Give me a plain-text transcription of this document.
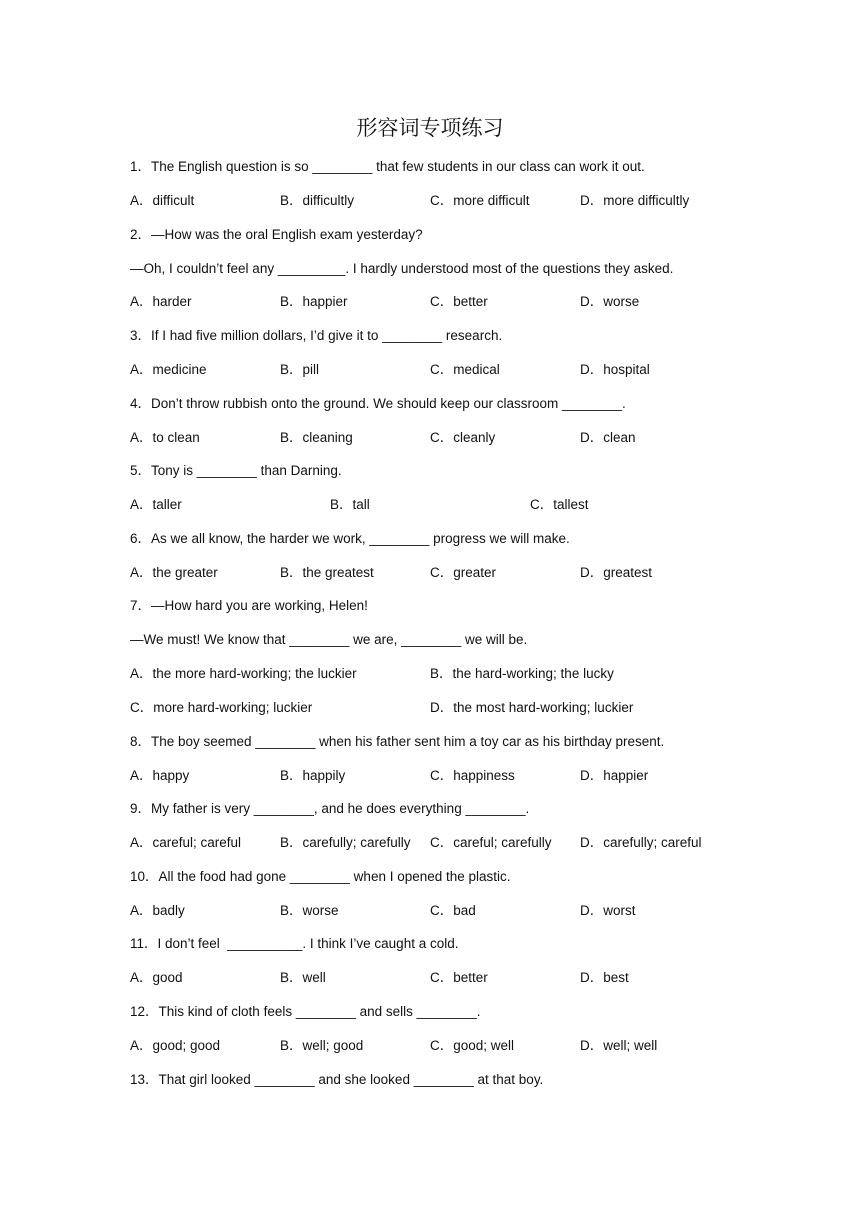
形容词专项练习
1．The English question is so ________ that few students in our class can work it out.
A．difficult	B．difficultly	C．more difficult	D．more difficultly
2．—How was the oral English exam yesterday?
—Oh, I couldn’t feel any _________. I hardly understood most of the questions they asked.
A．harder	B．happier	C．better	D．worse
3．If I had five million dollars, I’d give it to ________ research.
A．medicine	B．pill	C．medical	D．hospital
4．Don’t throw rubbish onto the ground. We should keep our classroom ________.
A．to clean	B．cleaning	C．cleanly	D．clean
5．Tony is ________ than Darning.
A．taller	B．tall	C．tallest
6．As we all know, the harder we work, ________ progress we will make.
A．the greater	B．the greatest	C．greater	D．greatest
7．—How hard you are working, Helen!
—We must! We know that ________ we are, ________ we will be.
A．the more hard-working; the luckier	B．the hard-working; the lucky
C．more hard-working; luckier	D．the most hard-working; luckier
8．The boy seemed ________ when his father sent him a toy car as his birthday present.
A．happy	B．happily	C．happiness	D．happier
9．My father is very ________, and he does everything ________.
A．careful; careful	B．carefully; carefully C．careful; carefully D．carefully; careful
10．All the food had gone ________ when I opened the plastic.
A．badly	B．worse	C．bad	D．worst
11．I don’t feel  __________. I think I’ve caught a cold.
A．good	B．well	C．better	D．best
12．This kind of cloth feels ________ and sells ________.
A．good; good	B．well; good	C．good; well	D．well; well
13．That girl looked ________ and she looked ________ at that boy.
